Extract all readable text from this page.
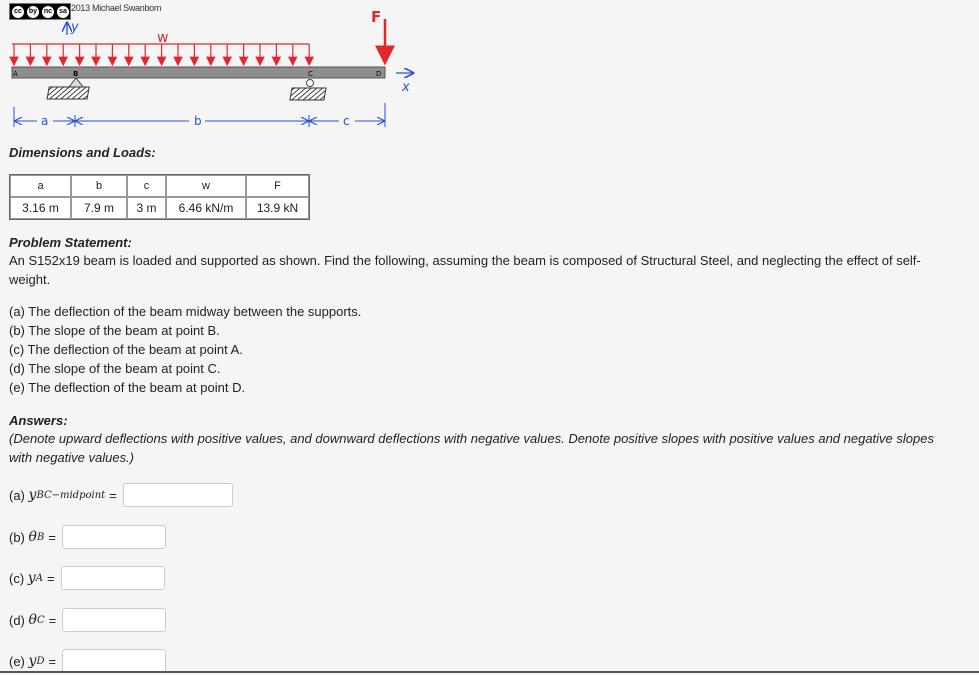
cc	by nc	sa 2013 Michael Swanbom
y
w
F
A	B	C	D
x
a	b	c
Dimensions and Loads:
a	b	c	w	F
3.16 m	7.9 m	3 m	6.46 kN/m	13.9 kN
Problem Statement:

An S152x19 beam is loaded and supported as shown. Find the following, assuming the beam is composed of Structural Steel, and neglecting the effect of self-weight.

(a) The deflection of the beam midway between the supports.
(b) The slope of the beam at point B.
(c) The deflection of the beam at point A.
(d) The slope of the beam at point C.
(e) The deflection of the beam at point D.
Answers:

(Denote upward deflections with positive values, and downward deflections with negative values. Denote positive slopes with positive values and negative slopes with negative values.)

(a)
y BC−midpoint =
(b)
θ B =
(c)
y A =
(d)
θ C =
(e)
y D =
